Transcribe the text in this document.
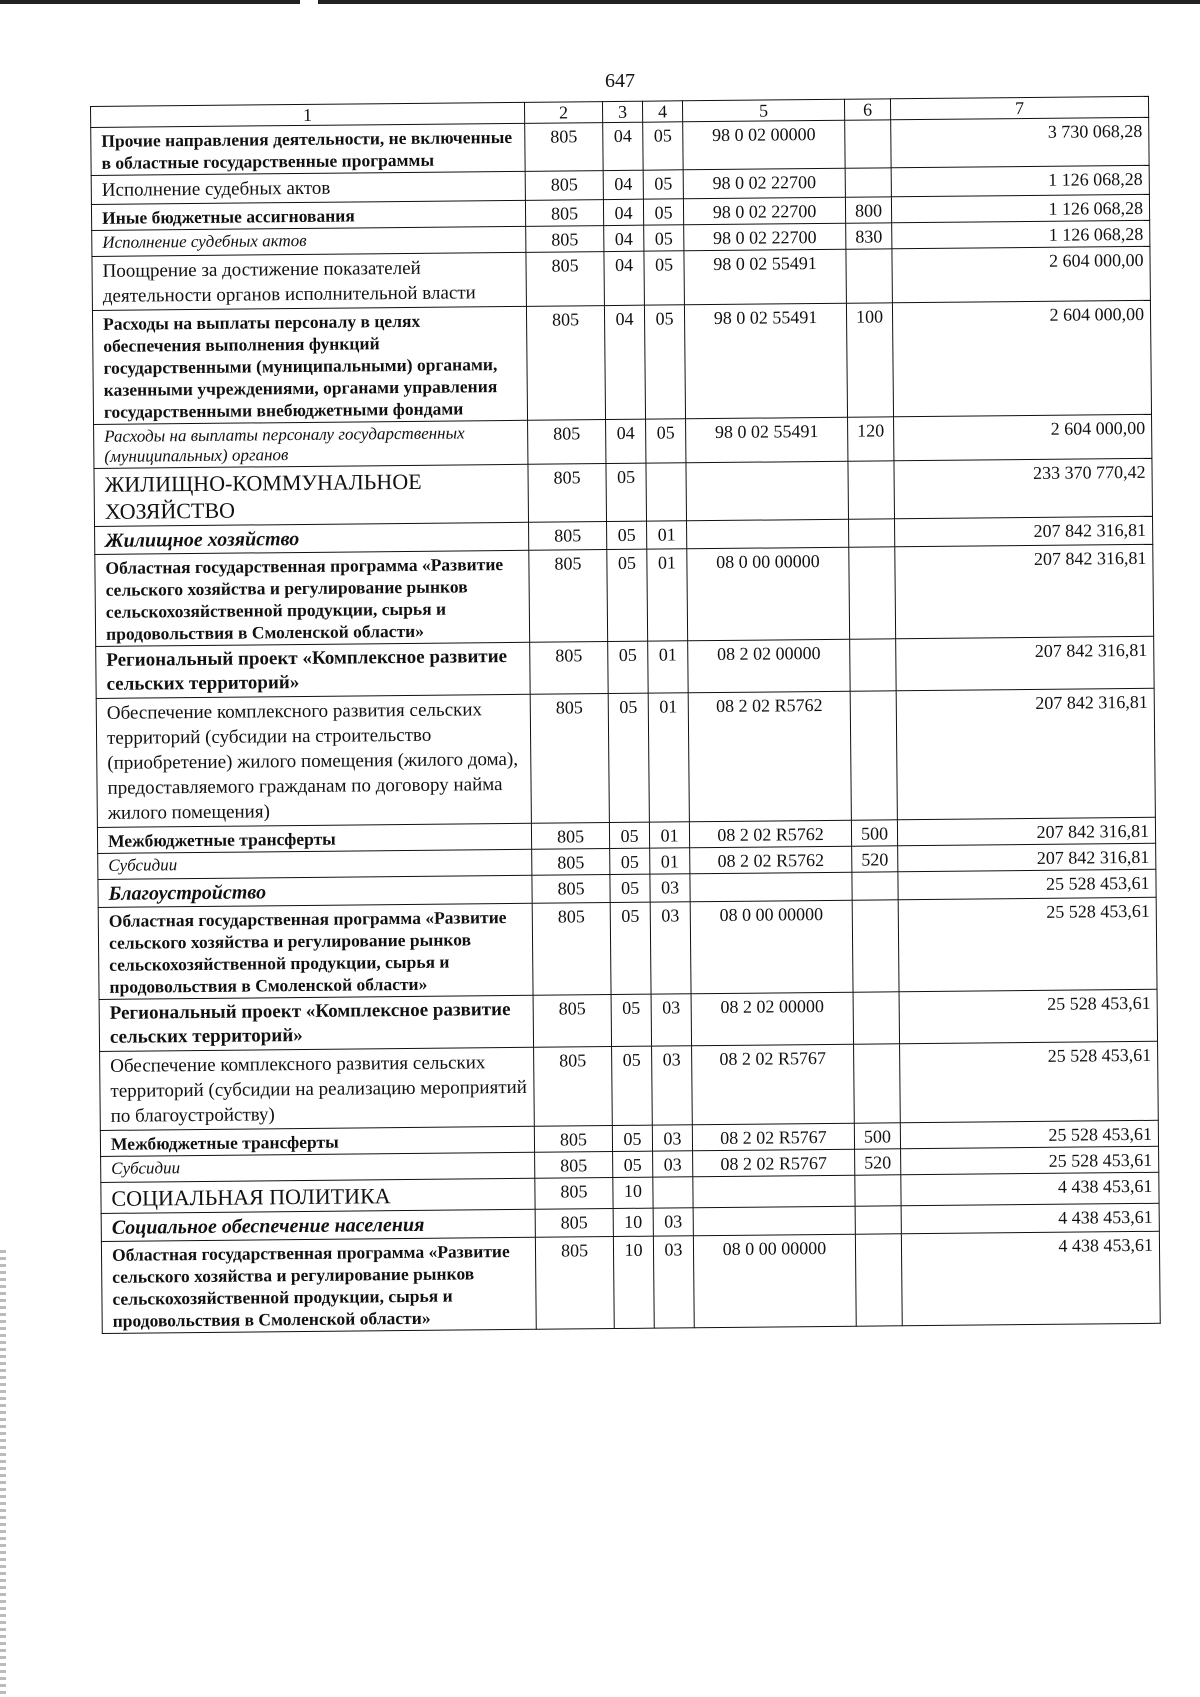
647
1	2	3	4	5	6	7
Прочие направления деятельности, не включенные в областные государственные программы	805	04	05	98 0 02 00000		3 730 068,28
Исполнение судебных актов	805	04	05	98 0 02 22700		1 126 068,28
Иные бюджетные ассигнования	805	04	05	98 0 02 22700	800	1 126 068,28
Исполнение судебных актов	805	04	05	98 0 02 22700	830	1 126 068,28
Поощрение за достижение показателей деятельности органов исполнительной власти	805	04	05	98 0 02 55491		2 604 000,00
Расходы на выплаты персоналу в целях обеспечения выполнения функций государственными (муниципальными) органами, казенными учреждениями, органами управления государственными внебюджетными фондами	805	04	05	98 0 02 55491	100	2 604 000,00
Расходы на выплаты персоналу государственных (муниципальных) органов	805	04	05	98 0 02 55491	120	2 604 000,00
ЖИЛИЩНО-КОММУНАЛЬНОЕ ХОЗЯЙСТВО	805	05				233 370 770,42
Жилищное хозяйство	805	05	01			207 842 316,81
Областная государственная программа «Развитие сельского хозяйства и регулирование рынков сельскохозяйственной продукции, сырья и продовольствия в Смоленской области»	805	05	01	08 0 00 00000		207 842 316,81
Региональный проект «Комплексное развитие сельских территорий»	805	05	01	08 2 02 00000		207 842 316,81
Обеспечение комплексного развития сельских территорий (субсидии на строительство (приобретение) жилого помещения (жилого дома), предоставляемого гражданам по договору найма жилого помещения)	805	05	01	08 2 02 R5762		207 842 316,81
Межбюджетные трансферты	805	05	01	08 2 02 R5762	500	207 842 316,81
Субсидии	805	05	01	08 2 02 R5762	520	207 842 316,81
Благоустройство	805	05	03			25 528 453,61
Областная государственная программа «Развитие сельского хозяйства и регулирование рынков сельскохозяйственной продукции, сырья и продовольствия в Смоленской области»	805	05	03	08 0 00 00000		25 528 453,61
Региональный проект «Комплексное развитие сельских территорий»	805	05	03	08 2 02 00000		25 528 453,61
Обеспечение комплексного развития сельских территорий (субсидии на реализацию мероприятий по благоустройству)	805	05	03	08 2 02 R5767		25 528 453,61
Межбюджетные трансферты	805	05	03	08 2 02 R5767	500	25 528 453,61
Субсидии	805	05	03	08 2 02 R5767	520	25 528 453,61
СОЦИАЛЬНАЯ ПОЛИТИКА	805	10				4 438 453,61
Социальное обеспечение населения	805	10	03			4 438 453,61
Областная государственная программа «Развитие сельского хозяйства и регулирование рынков сельскохозяйственной продукции, сырья и продовольствия в Смоленской области»	805	10	03	08 0 00 00000		4 438 453,61
